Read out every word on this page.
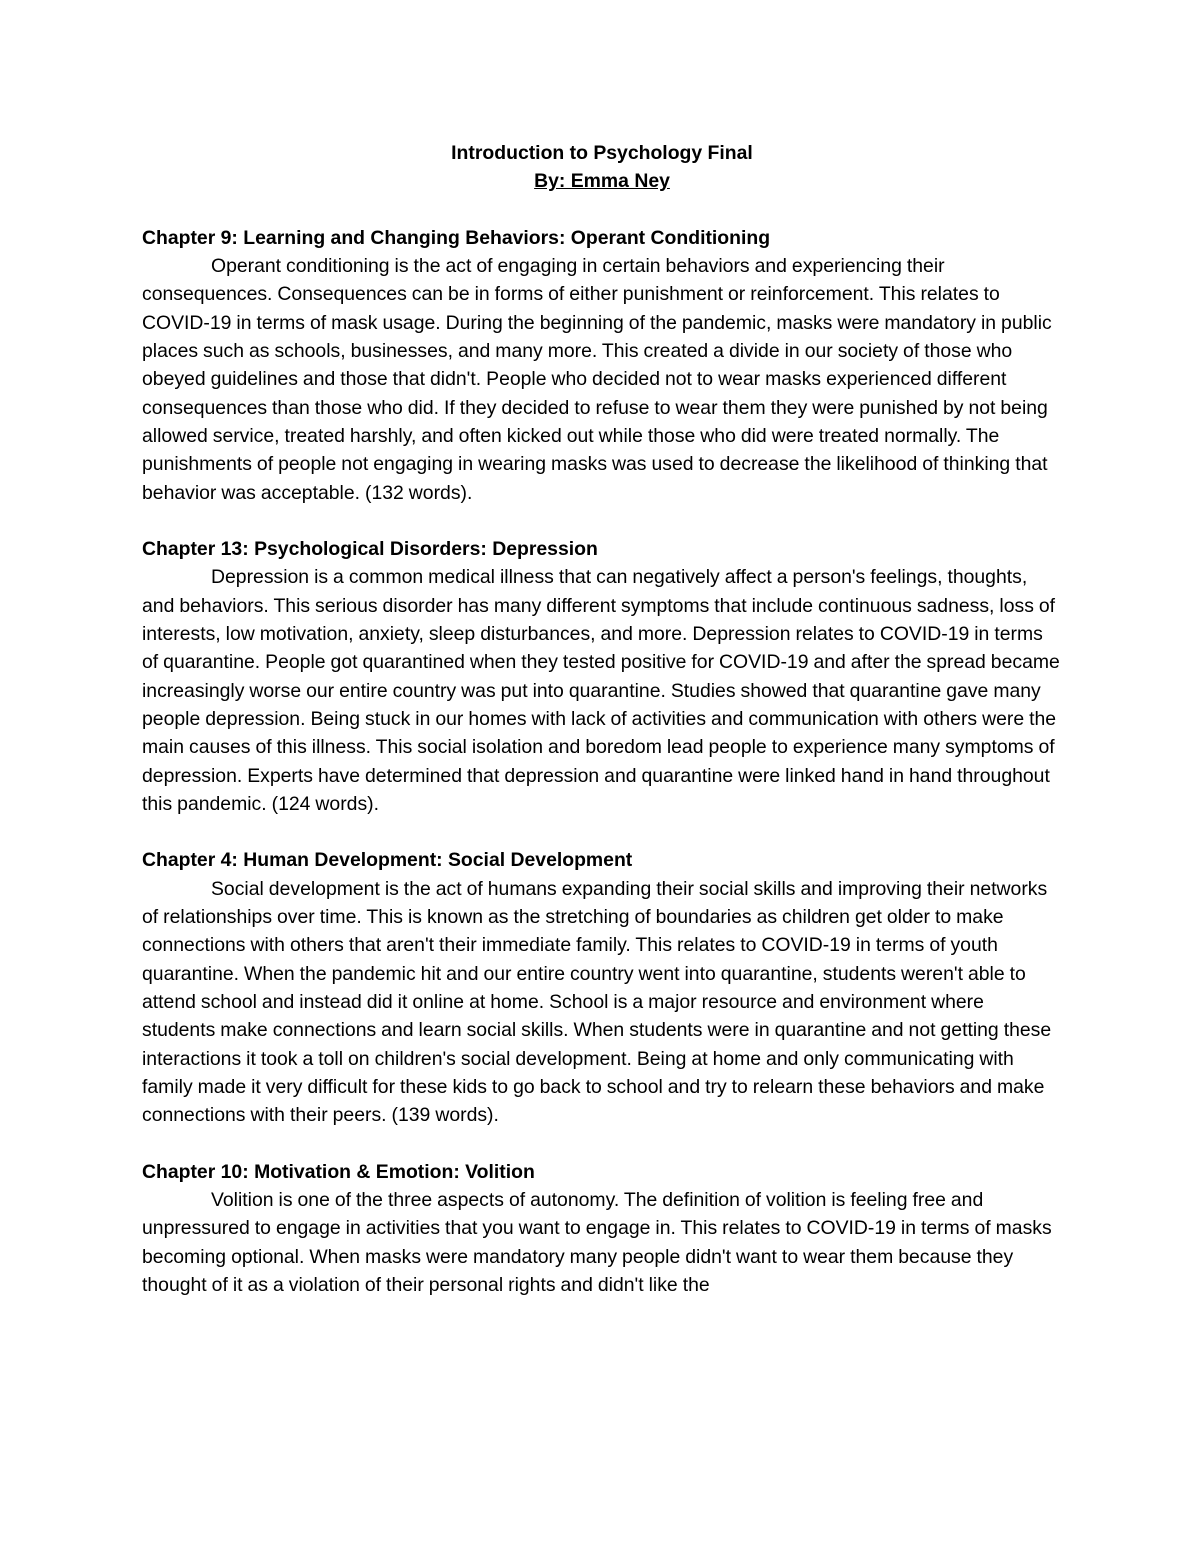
Introduction to Psychology Final

By: Emma Ney

Chapter 9: Learning and Changing Behaviors: Operant Conditioning

Operant conditioning is the act of engaging in certain behaviors and experiencing their consequences. Consequences can be in forms of either punishment or reinforcement. This relates to COVID-19 in terms of mask usage. During the beginning of the pandemic, masks were mandatory in public places such as schools, businesses, and many more. This created a divide in our society of those who obeyed guidelines and those that didn't. People who decided not to wear masks experienced different consequences than those who did. If they decided to refuse to wear them they were punished by not being allowed service, treated harshly, and often kicked out while those who did were treated normally. The punishments of people not engaging in wearing masks was used to decrease the likelihood of thinking that behavior was acceptable. (132 words).

Chapter 13: Psychological Disorders: Depression

Depression is a common medical illness that can negatively affect a person's feelings, thoughts, and behaviors. This serious disorder has many different symptoms that include continuous sadness, loss of interests, low motivation, anxiety, sleep disturbances, and more. Depression relates to COVID-19 in terms of quarantine. People got quarantined when they tested positive for COVID-19 and after the spread became increasingly worse our entire country was put into quarantine. Studies showed that quarantine gave many people depression. Being stuck in our homes with lack of activities and communication with others were the main causes of this illness. This social isolation and boredom lead people to experience many symptoms of depression. Experts have determined that depression and quarantine were linked hand in hand throughout this pandemic. (124 words).

Chapter 4: Human Development: Social Development

Social development is the act of humans expanding their social skills and improving their networks of relationships over time. This is known as the stretching of boundaries as children get older to make connections with others that aren't their immediate family. This relates to COVID-19 in terms of youth quarantine. When the pandemic hit and our entire country went into quarantine, students weren't able to attend school and instead did it online at home. School is a major resource and environment where students make connections and learn social skills. When students were in quarantine and not getting these interactions it took a toll on children's social development. Being at home and only communicating with family made it very difficult for these kids to go back to school and try to relearn these behaviors and make connections with their peers. (139 words).

Chapter 10: Motivation & Emotion: Volition

Volition is one of the three aspects of autonomy. The definition of volition is feeling free and unpressured to engage in activities that you want to engage in. This relates to COVID-19 in terms of masks becoming optional. When masks were mandatory many people didn't want to wear them because they thought of it as a violation of their personal rights and didn't like the
